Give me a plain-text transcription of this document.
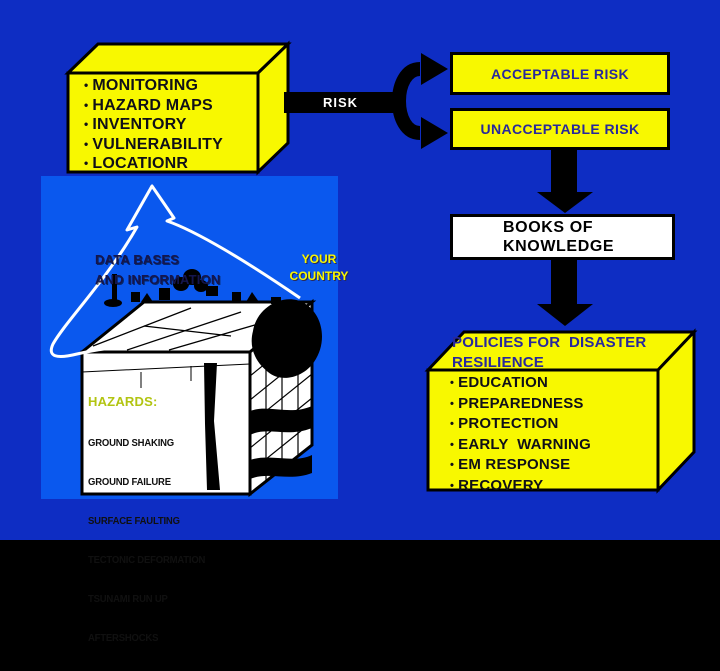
DATA BASES
AND INFORMATION
YOUR
COUNTRY
HAZARDS:

GROUND SHAKING

GROUND FAILURE

SURFACE FAULTING

TECTONIC DEFORMATION

TSUNAMI RUN UP

AFTERSHOCKS

• MONITORING
• HAZARD MAPS
• INVENTORY
• VULNERABILITY
• LOCATIONR
RISK
ACCEPTABLE RISK
UNACCEPTABLE RISK
BOOKS OF
KNOWLEDGE
POLICIES FOR  DISASTER
RESILIENCE
• EDUCATION
• PREPAREDNESS
• PROTECTION
• EARLY  WARNING
• EM RESPONSE
• RECOVERY
